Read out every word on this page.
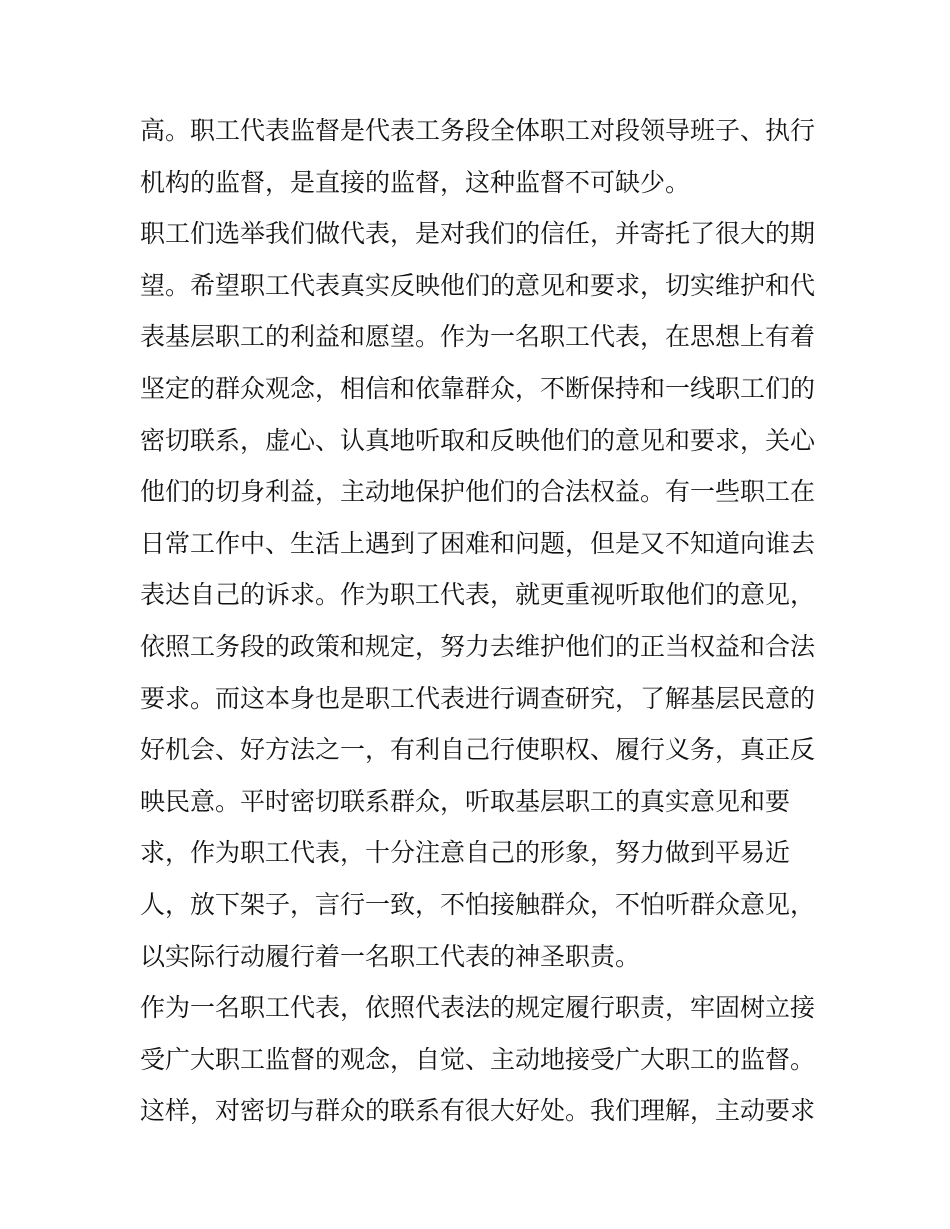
高。职工代表监督是代表工务段全体职工对段领导班子、执行
机构的监督，是直接的监督，这种监督不可缺少。
职工们选举我们做代表，是对我们的信任，并寄托了很大的期
望。希望职工代表真实反映他们的意见和要求，切实维护和代
表基层职工的利益和愿望。作为一名职工代表，在思想上有着
坚定的群众观念，相信和依靠群众，不断保持和一线职工们的
密切联系，虚心、认真地听取和反映他们的意见和要求，关心
他们的切身利益，主动地保护他们的合法权益。有一些职工在
日常工作中、生活上遇到了困难和问题，但是又不知道向谁去
表达自己的诉求。作为职工代表，就更重视听取他们的意见，
依照工务段的政策和规定，努力去维护他们的正当权益和合法
要求。而这本身也是职工代表进行调查研究，了解基层民意的
好机会、好方法之一，有利自己行使职权、履行义务，真正反
映民意。平时密切联系群众，听取基层职工的真实意见和要
求，作为职工代表，十分注意自己的形象，努力做到平易近
人，放下架子，言行一致，不怕接触群众，不怕听群众意见，
以实际行动履行着一名职工代表的神圣职责。
作为一名职工代表，依照代表法的规定履行职责，牢固树立接
受广大职工监督的观念，自觉、主动地接受广大职工的监督。
这样，对密切与群众的联系有很大好处。我们理解，主动要求
